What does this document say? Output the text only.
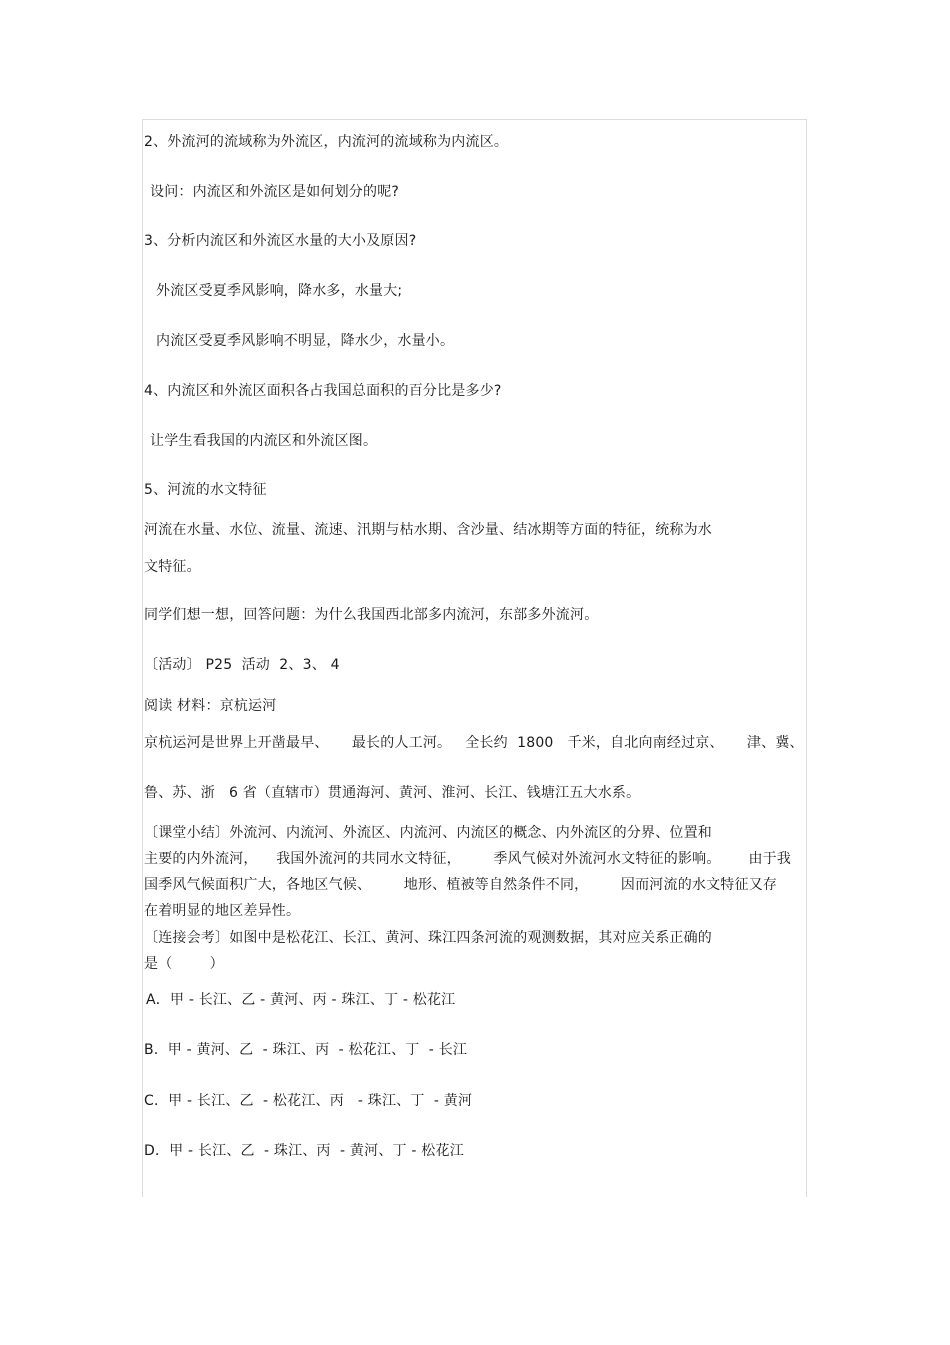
2、外流河的流域称为外流区，内流河的流域称为内流区。
设问：内流区和外流区是如何划分的呢?
3、分析内流区和外流区水量的大小及原因?
外流区受夏季风影响，降水多，水量大;
内流区受夏季风影响不明显，降水少，水量小。
4、内流区和外流区面积各占我国总面积的百分比是多少?
让学生看我国的内流区和外流区图。
5、河流的水文特征
河流在水量、水位、流量、流速、汛期与枯水期、含沙量、结冰期等方面的特征，统称为水
文特征。
同学们想一想，回答问题：为什么我国西北部多内流河，东部多外流河。
〔活动〕 P25  活动  2、3、 4
阅读 材料：京杭运河
京杭运河是世界上开凿最早、     最长的人工河。   全长约  1800   千米，自北向南经过京、     津、冀、
鲁、苏、浙   6 省（直辖市）贯通海河、黄河、淮河、长江、钱塘江五大水系。
〔课堂小结〕外流河、内流河、外流区、内流河、内流区的概念、内外流区的分界、位置和
主要的内外流河，    我国外流河的共同水文特征，       季风气候对外流河水文特征的影响。      由于我
国季风气候面积广大，各地区气候、       地形、植被等自然条件不同，       因而河流的水文特征又存
在着明显的地区差异性。
〔连接会考〕如图中是松花江、长江、黄河、珠江四条河流的观测数据，其对应关系正确的
是（        ）
A．甲 - 长江、乙 - 黄河、丙 - 珠江、丁 - 松花江
B.  甲 - 黄河、乙  - 珠江、丙  - 松花江、丁  - 长江
C．甲 - 长江、乙  - 松花江、丙   - 珠江、丁  - 黄河
D．甲 - 长江、乙  - 珠江、丙  - 黄河、丁 - 松花江
